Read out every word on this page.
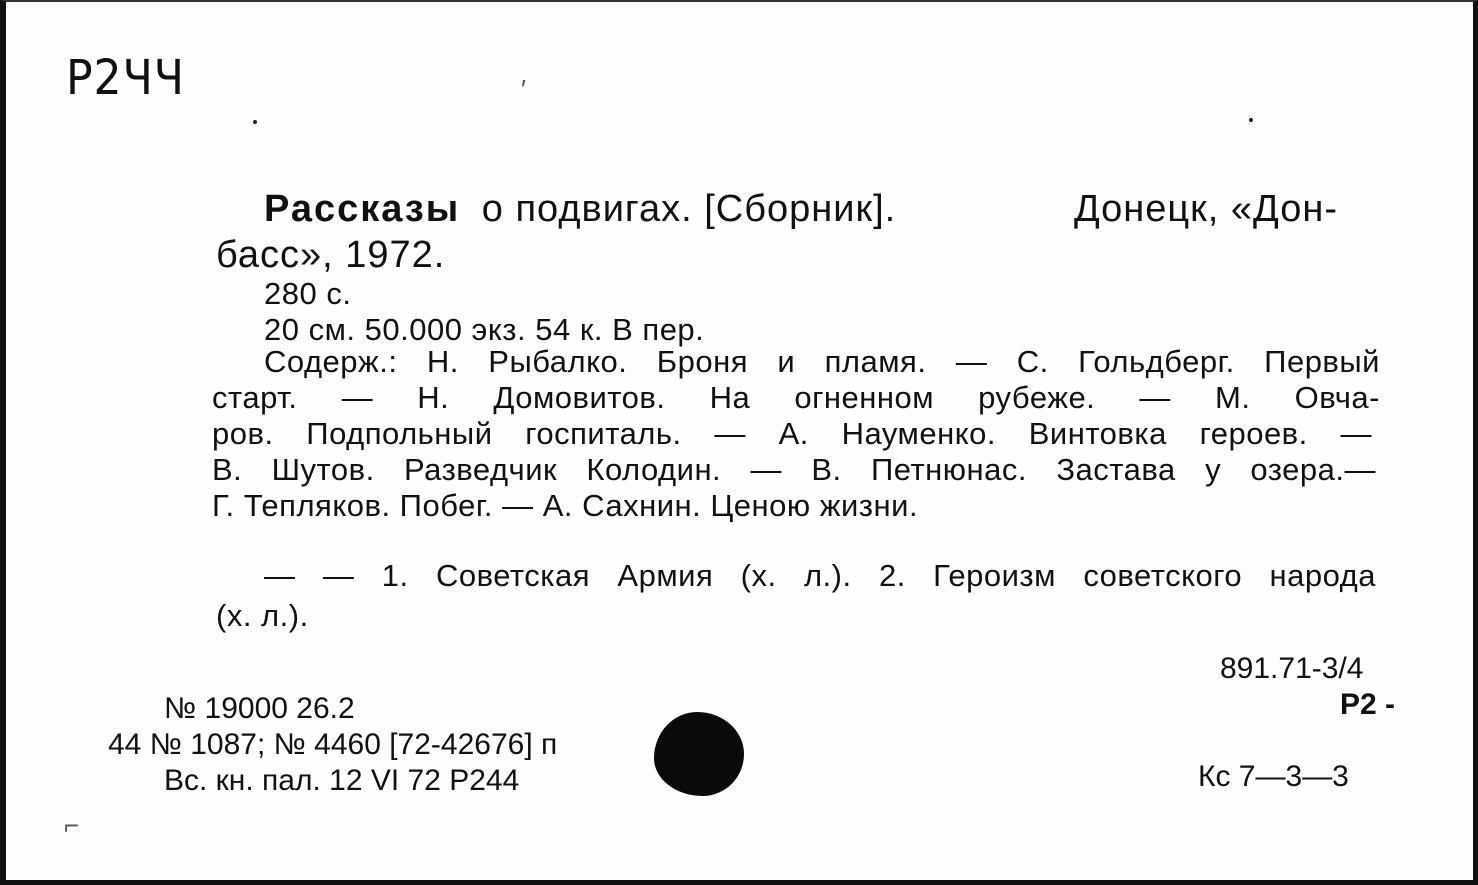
Р2ЧЧ	′
Рассказы о подвигах. [Сборник].	Донецк, «Дон-
басс», 1972.
280 с.
20 см. 50.000 экз. 54 к. В пер.
Содерж.: Н. Рыбалко. Броня и пламя. — С. Гольдберг. Первый
старт. — Н. Домовитов. На огненном рубеже. — М. Овча-
ров. Подпольный госпиталь. — А. Науменко. Винтовка героев. —
В. Шутов. Разведчик Колодин. — В. Петнюнас. Застава у озера.—
Г. Тепляков. Побег. — А. Сахнин. Ценою жизни.
— — 1. Советская Армия (х. л.). 2. Героизм советского народа
(х. л.).
891.71-3/4
Р2 -
Кс 7—3—3
№ 19000 26.2
44 № 1087; № 4460 [72-42676] п
Вс. кн. пал. 12 VI 72 Р244
⌐
